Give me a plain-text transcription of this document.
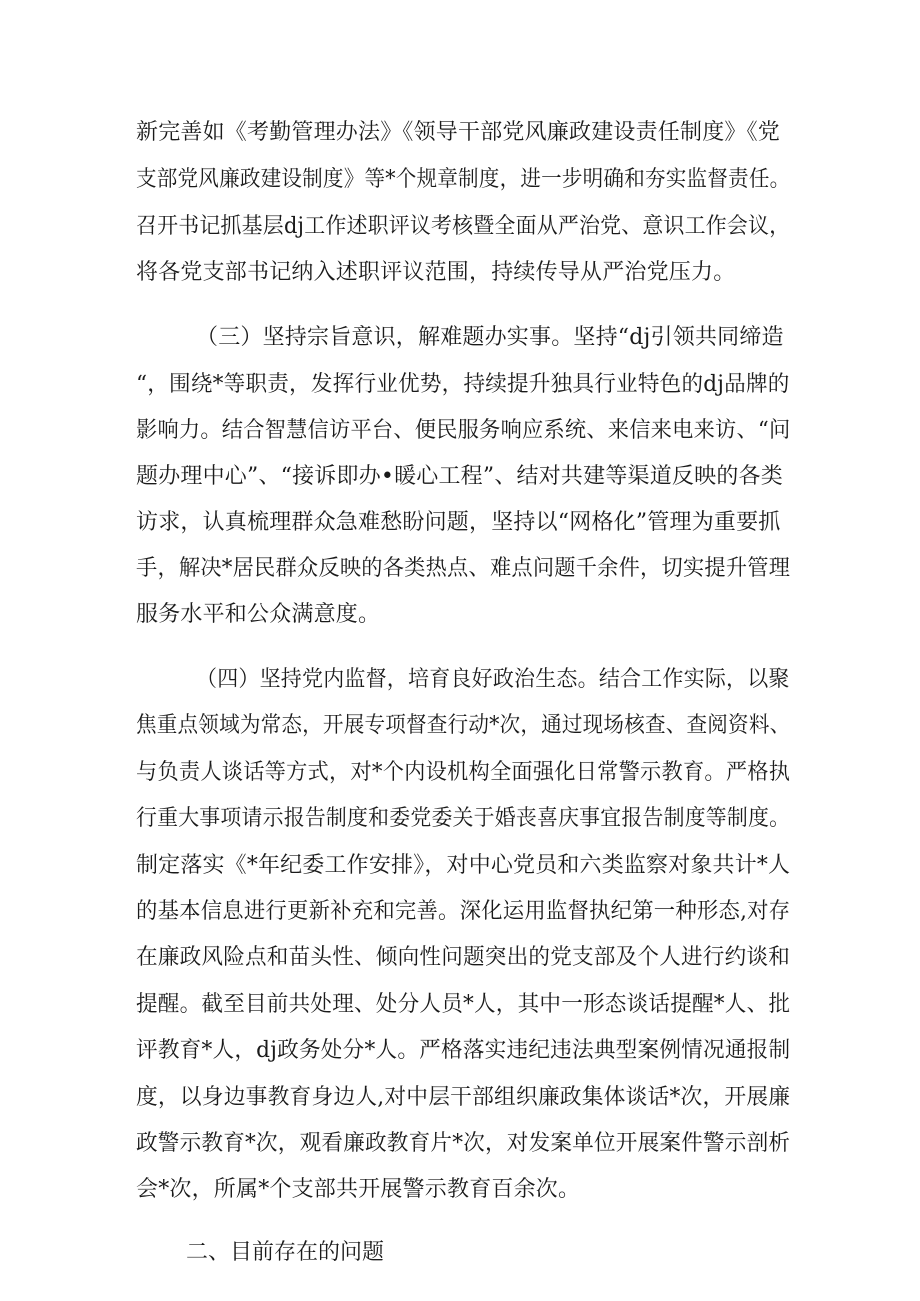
新完善如《考勤管理办法》《领导干部党风廉政建设责任制度》《党
支部党风廉政建设制度》等*个规章制度，进一步明确和夯实监督责任。
召开书记抓基层dj工作述职评议考核暨全面从严治党、意识工作会议，
将各党支部书记纳入述职评议范围，持续传导从严治党压力。
（三）坚持宗旨意识，解难题办实事。坚持“dj引领共同缔造
“，围绕*等职责，发挥行业优势，持续提升独具行业特色的dj品牌的
影响力。结合智慧信访平台、便民服务响应系统、来信来电来访、“问
题办理中心”、“接诉即办•暖心工程”、结对共建等渠道反映的各类
访求，认真梳理群众急难愁盼问题，坚持以“网格化”管理为重要抓
手，解决*居民群众反映的各类热点、难点问题千余件，切实提升管理
服务水平和公众满意度。
（四）坚持党内监督，培育良好政治生态。结合工作实际，以聚
焦重点领域为常态，开展专项督查行动*次，通过现场核查、查阅资料、
与负责人谈话等方式，对*个内设机构全面强化日常警示教育。严格执
行重大事项请示报告制度和委党委关于婚丧喜庆事宜报告制度等制度。
制定落实《*年纪委工作安排》，对中心党员和六类监察对象共计*人
的基本信息进行更新补充和完善。深化运用监督执纪第一种形态,对存
在廉政风险点和苗头性、倾向性问题突出的党支部及个人进行约谈和
提醒。截至目前共处理、处分人员*人，其中一形态谈话提醒*人、批
评教育*人，dj政务处分*人。严格落实违纪违法典型案例情况通报制
度，以身边事教育身边人,对中层干部组织廉政集体谈话*次，开展廉
政警示教育*次，观看廉政教育片*次，对发案单位开展案件警示剖析
会*次，所属*个支部共开展警示教育百余次。
二、目前存在的问题
